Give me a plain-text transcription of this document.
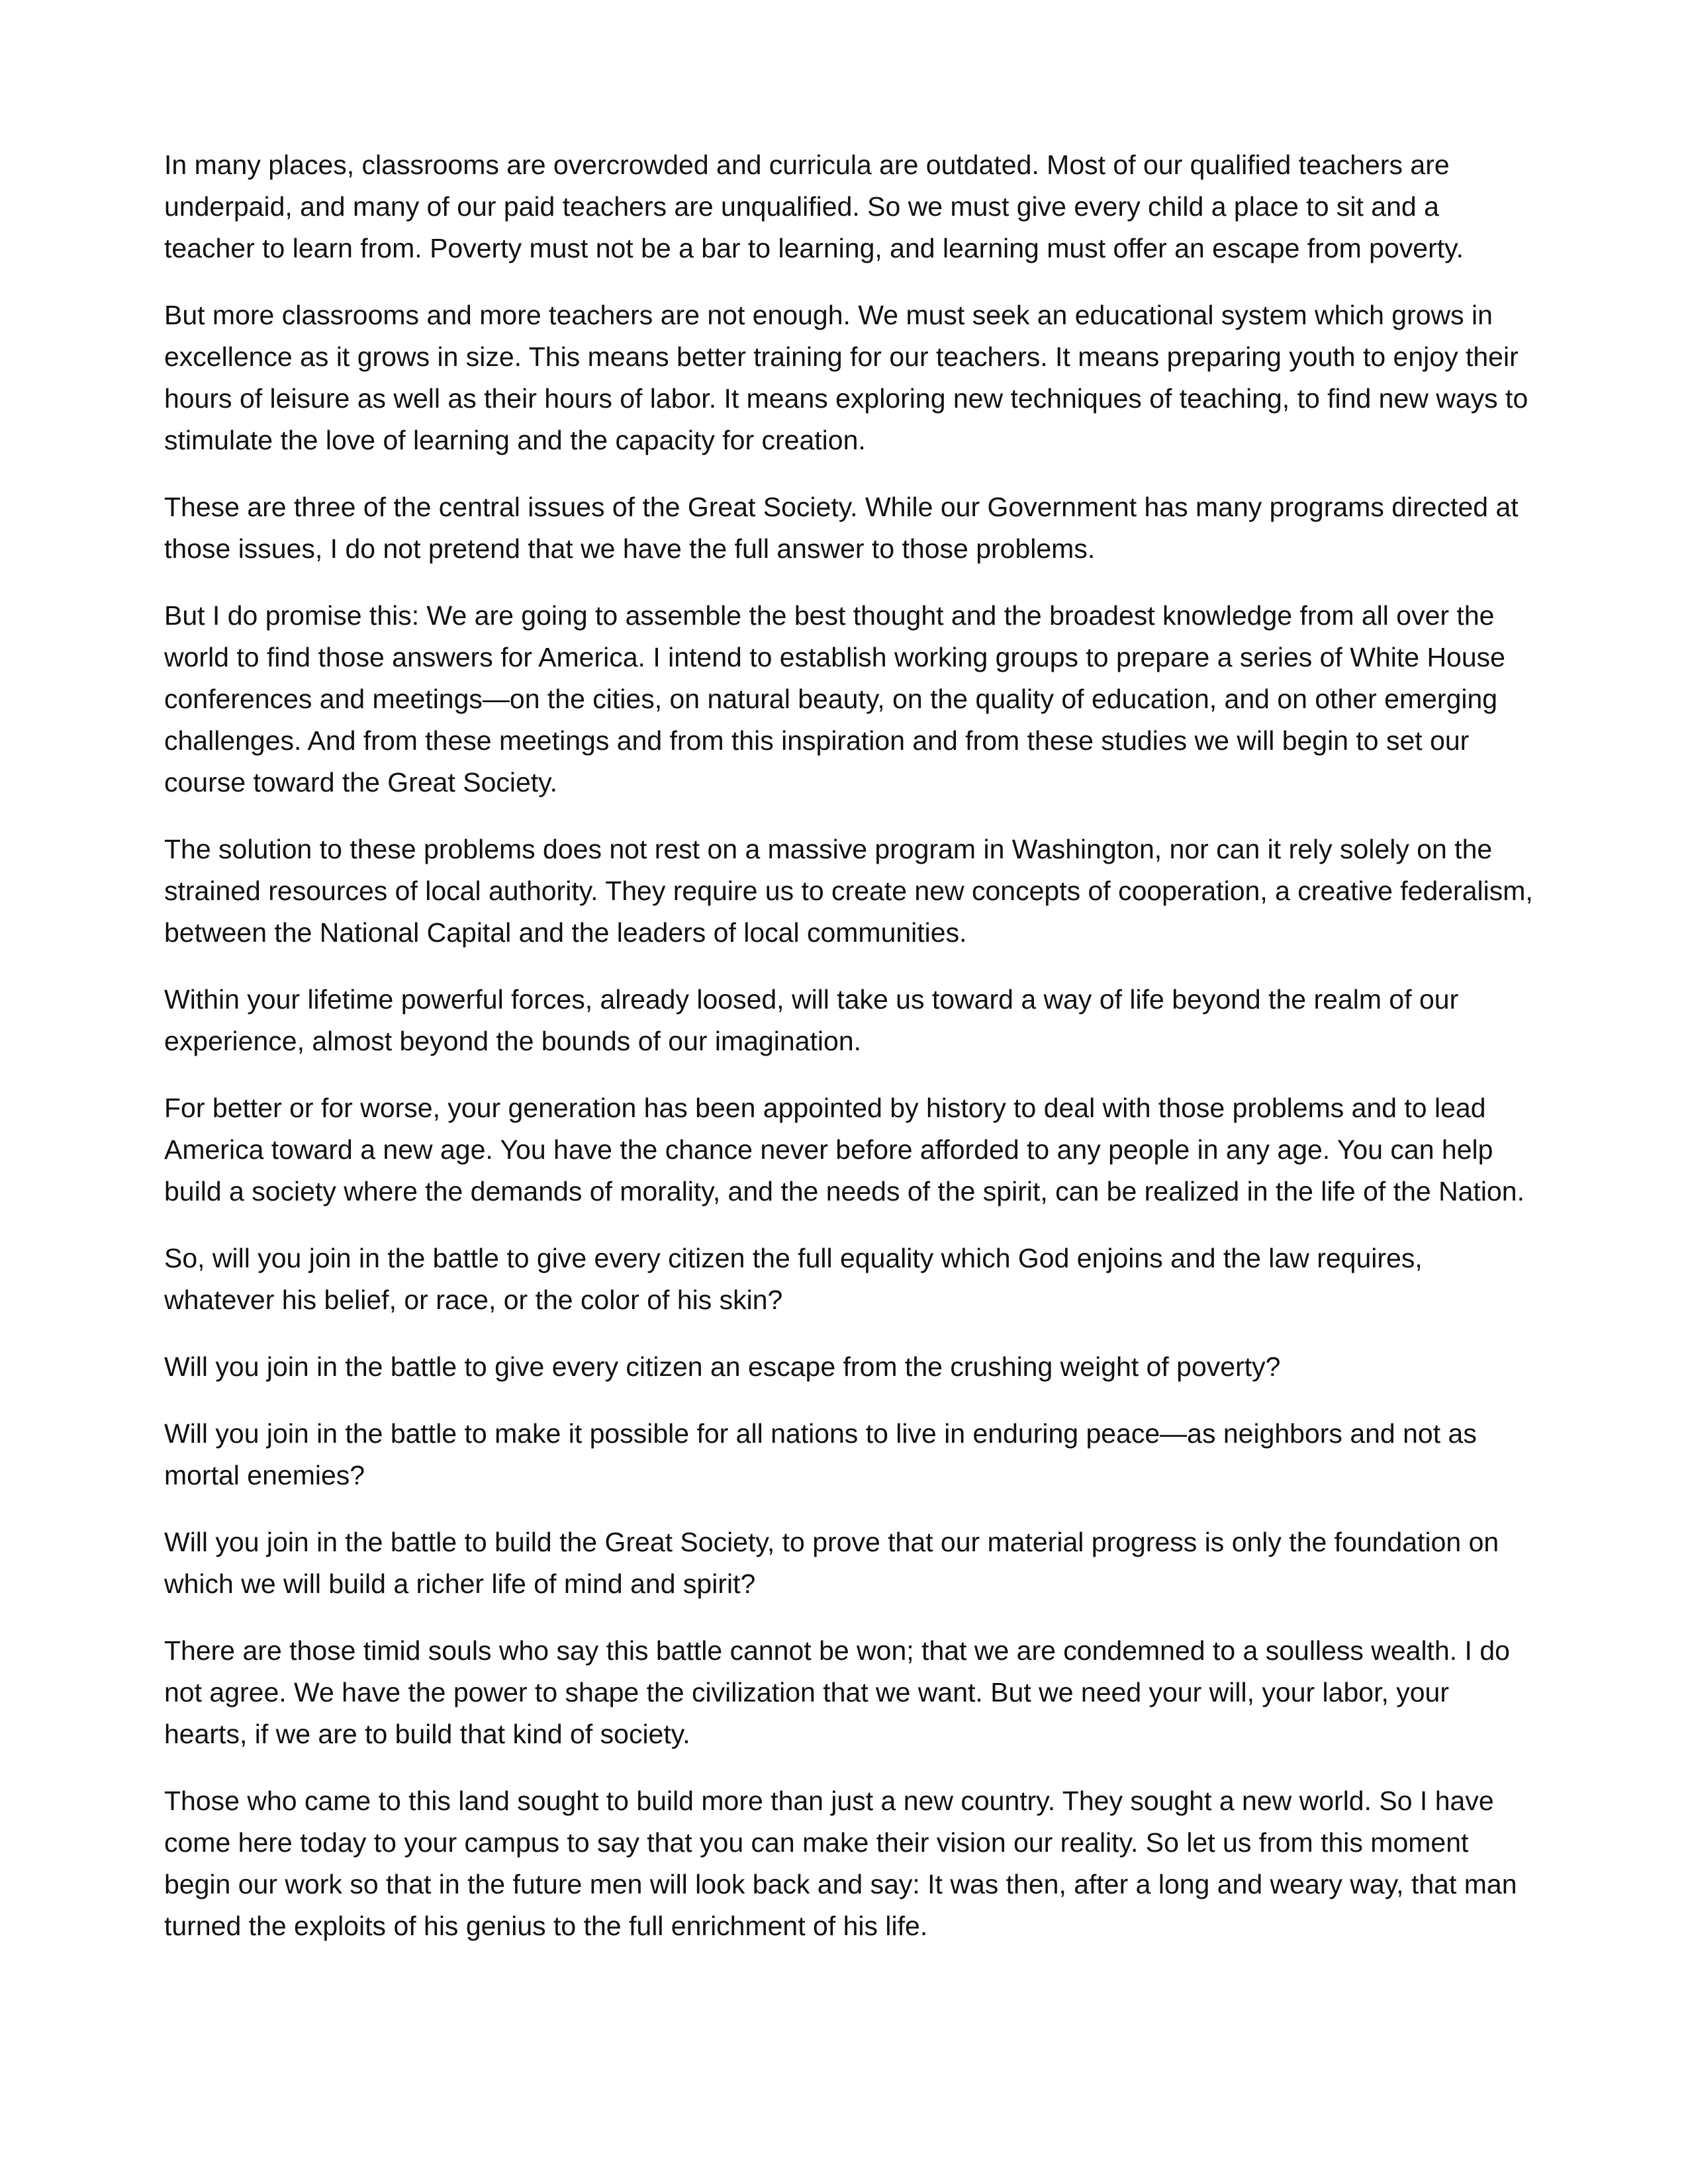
In many places, classrooms are overcrowded and curricula are outdated. Most of our qualified teachers are underpaid, and many of our paid teachers are unqualified. So we must give every child a place to sit and a teacher to learn from. Poverty must not be a bar to learning, and learning must offer an escape from poverty.

But more classrooms and more teachers are not enough. We must seek an educational system which grows in excellence as it grows in size. This means better training for our teachers. It means preparing youth to enjoy their hours of leisure as well as their hours of labor. It means exploring new techniques of teaching, to find new ways to stimulate the love of learning and the capacity for creation.

These are three of the central issues of the Great Society. While our Government has many programs directed at those issues, I do not pretend that we have the full answer to those problems.

But I do promise this: We are going to assemble the best thought and the broadest knowledge from all over the world to find those answers for America. I intend to establish working groups to prepare a series of White House conferences and meetings—on the cities, on natural beauty, on the quality of education, and on other emerging challenges. And from these meetings and from this inspiration and from these studies we will begin to set our course toward the Great Society.

The solution to these problems does not rest on a massive program in Washington, nor can it rely solely on the strained resources of local authority. They require us to create new concepts of cooperation, a creative federalism, between the National Capital and the leaders of local communities.

Within your lifetime powerful forces, already loosed, will take us toward a way of life beyond the realm of our experience, almost beyond the bounds of our imagination.

For better or for worse, your generation has been appointed by history to deal with those problems and to lead America toward a new age. You have the chance never before afforded to any people in any age. You can help build a society where the demands of morality, and the needs of the spirit, can be realized in the life of the Nation.

So, will you join in the battle to give every citizen the full equality which God enjoins and the law requires, whatever his belief, or race, or the color of his skin?

Will you join in the battle to give every citizen an escape from the crushing weight of poverty?

Will you join in the battle to make it possible for all nations to live in enduring peace—as neighbors and not as mortal enemies?

Will you join in the battle to build the Great Society, to prove that our material progress is only the foundation on which we will build a richer life of mind and spirit?

There are those timid souls who say this battle cannot be won; that we are condemned to a soulless wealth. I do not agree. We have the power to shape the civilization that we want. But we need your will, your labor, your hearts, if we are to build that kind of society.

Those who came to this land sought to build more than just a new country. They sought a new world. So I have come here today to your campus to say that you can make their vision our reality. So let us from this moment begin our work so that in the future men will look back and say: It was then, after a long and weary way, that man turned the exploits of his genius to the full enrichment of his life.
